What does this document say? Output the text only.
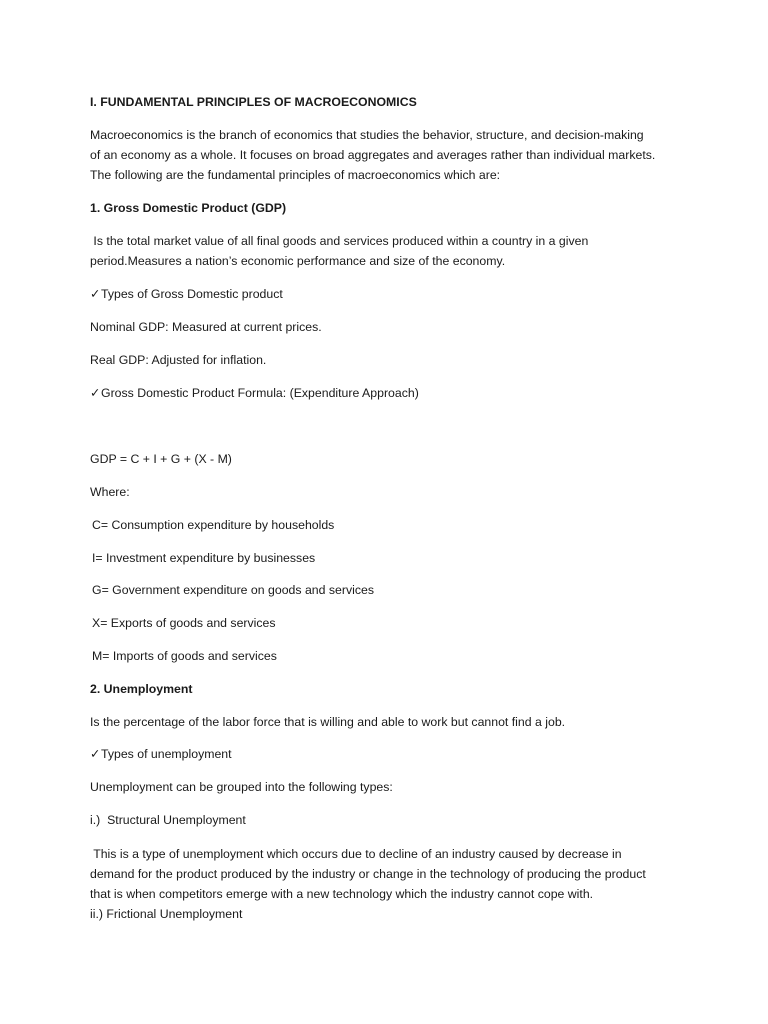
I. FUNDAMENTAL PRINCIPLES OF MACROECONOMICS
Macroeconomics is the branch of economics that studies the behavior, structure, and decision-making
of an economy as a whole. It focuses on broad aggregates and averages rather than individual markets.
The following are the fundamental principles of macroeconomics which are:
1. Gross Domestic Product (GDP)
Is the total market value of all final goods and services produced within a country in a given
period.Measures a nation’s economic performance and size of the economy.
✓Types of Gross Domestic product
Nominal GDP: Measured at current prices.
Real GDP: Adjusted for inflation.
✓Gross Domestic Product Formula: (Expenditure Approach)
GDP = C + I + G + (X - M)
Where:
C= Consumption expenditure by households
I= Investment expenditure by businesses
G= Government expenditure on goods and services
X= Exports of goods and services
M= Imports of goods and services
2. Unemployment
Is the percentage of the labor force that is willing and able to work but cannot find a job.
✓Types of unemployment
Unemployment can be grouped into the following types:
i.)  Structural Unemployment
This is a type of unemployment which occurs due to decline of an industry caused by decrease in
demand for the product produced by the industry or change in the technology of producing the product
that is when competitors emerge with a new technology which the industry cannot cope with.
ii.) Frictional Unemployment
